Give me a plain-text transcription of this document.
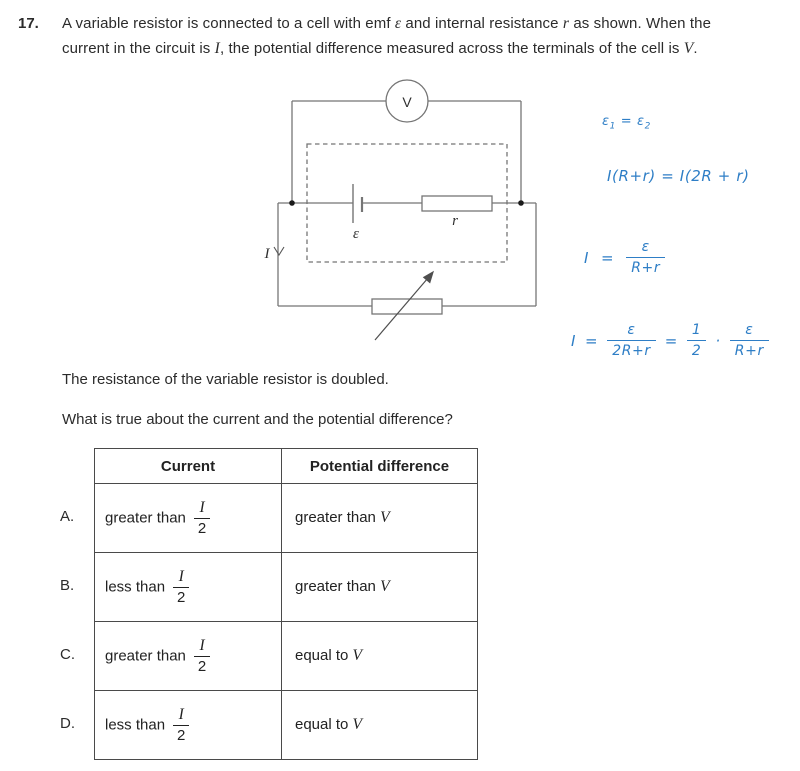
17. A variable resistor is connected to a cell with emf ε and internal resistance r as shown. When the
current in the circuit is I, the potential difference measured across the terminals of the cell is V.
V
ε
r
I
$\varepsilon_1 = \varepsilon_2$
I(R+r) = I(2R + r)
$I = \frac{\varepsilon}{R+r}$
$I = \frac{\varepsilon}{2R+r} = \frac{1}{2}$ ·
ε
R+r
The resistance of the variable resistor is doubled.
What is true about the current and the potential difference?
A.
B.
C.
D.
Current	Potential difference
greater than $\frac{I}{2}$	greater than V
less than $\frac{I}{2}$	greater than V
greater than $\frac{I}{2}$	equal to V
less than $\frac{I}{2}$	equal to V
